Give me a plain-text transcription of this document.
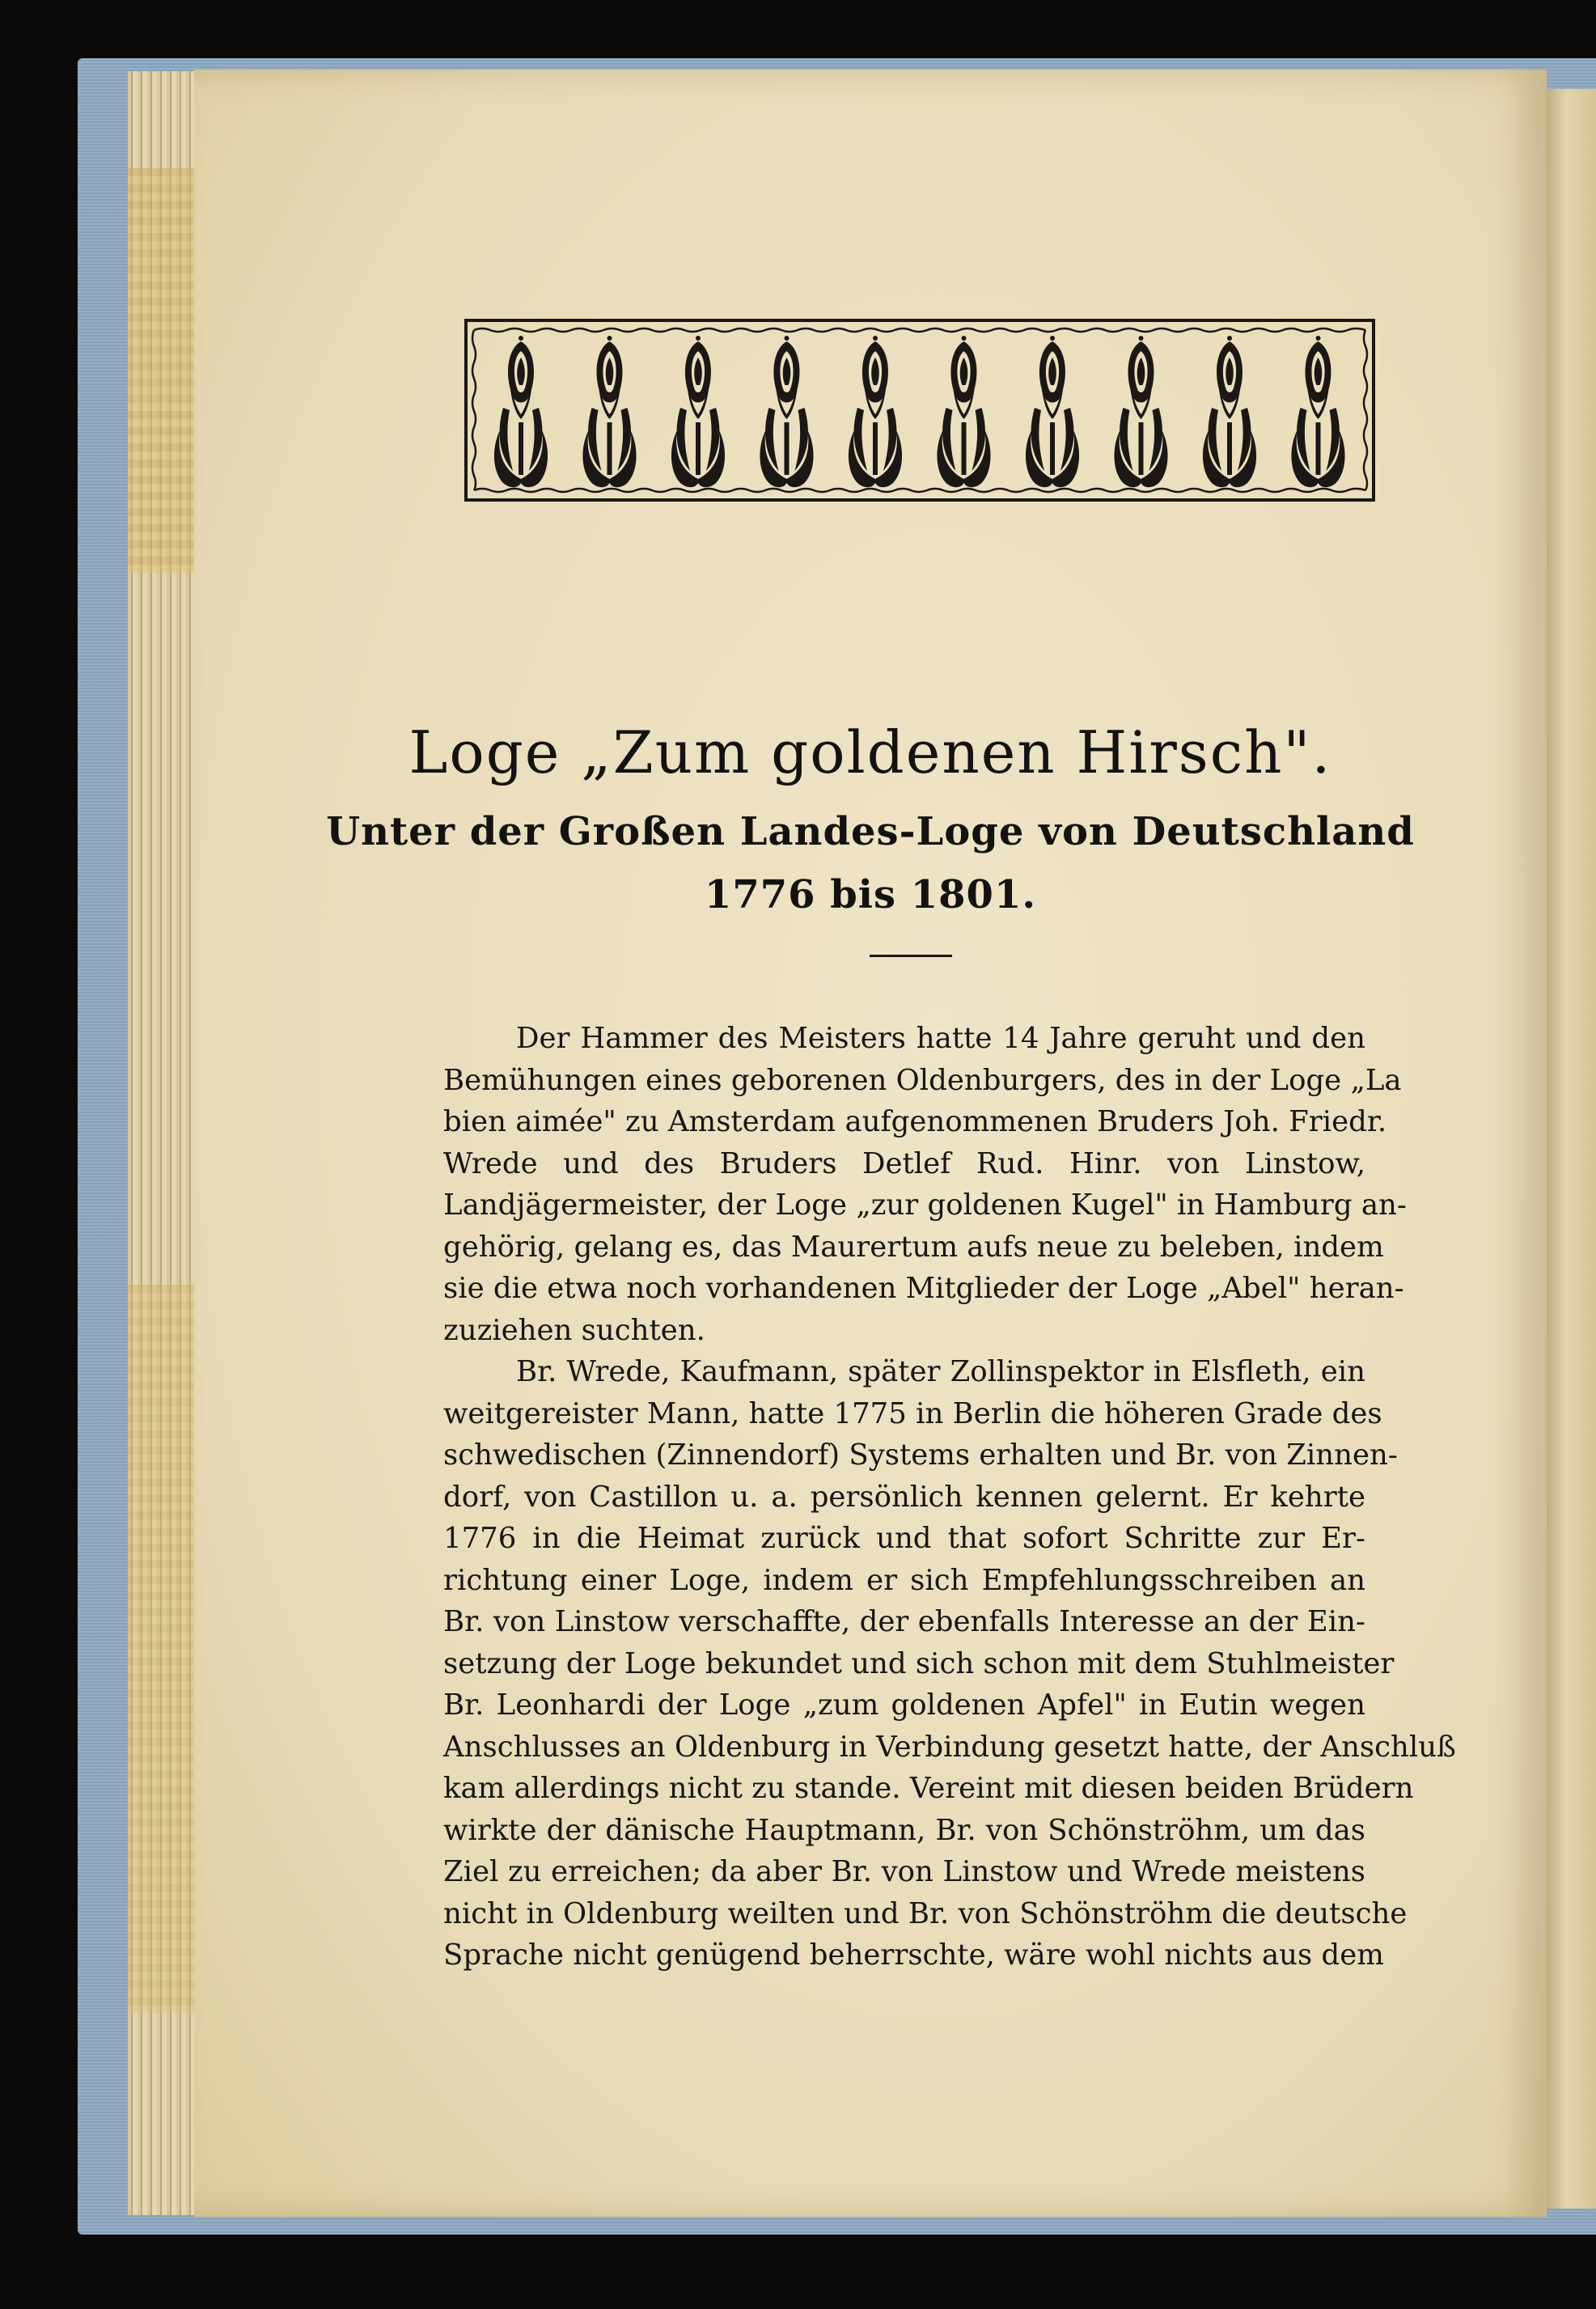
Loge „Zum goldenen Hirsch".
Unter der Großen Landes-Loge von Deutschland
1776 bis 1801.
Der Hammer des Meisters hatte 14 Jahre geruht und den
Bemühungen eines geborenen Oldenburgers, des in der Loge „La
bien aimée" zu Amsterdam aufgenommenen Bruders Joh. Friedr.
Wrede und des Bruders Detlef Rud. Hinr. von Linstow,
Landjägermeister, der Loge „zur goldenen Kugel" in Hamburg an-
gehörig, gelang es, das Maurertum aufs neue zu beleben, indem
sie die etwa noch vorhandenen Mitglieder der Loge „Abel" heran-
zuziehen suchten.
Br. Wrede, Kaufmann, später Zollinspektor in Elsfleth, ein
weitgereister Mann, hatte 1775 in Berlin die höheren Grade des
schwedischen (Zinnendorf) Systems erhalten und Br. von Zinnen-
dorf, von Castillon u. a. persönlich kennen gelernt. Er kehrte
1776 in die Heimat zurück und that sofort Schritte zur Er-
richtung einer Loge, indem er sich Empfehlungsschreiben an
Br. von Linstow verschaffte, der ebenfalls Interesse an der Ein-
setzung der Loge bekundet und sich schon mit dem Stuhlmeister
Br. Leonhardi der Loge „zum goldenen Apfel" in Eutin wegen
Anschlusses an Oldenburg in Verbindung gesetzt hatte, der Anschluß
kam allerdings nicht zu stande. Vereint mit diesen beiden Brüdern
wirkte der dänische Hauptmann, Br. von Schönströhm, um das
Ziel zu erreichen; da aber Br. von Linstow und Wrede meistens
nicht in Oldenburg weilten und Br. von Schönströhm die deutsche
Sprache nicht genügend beherrschte, wäre wohl nichts aus dem
